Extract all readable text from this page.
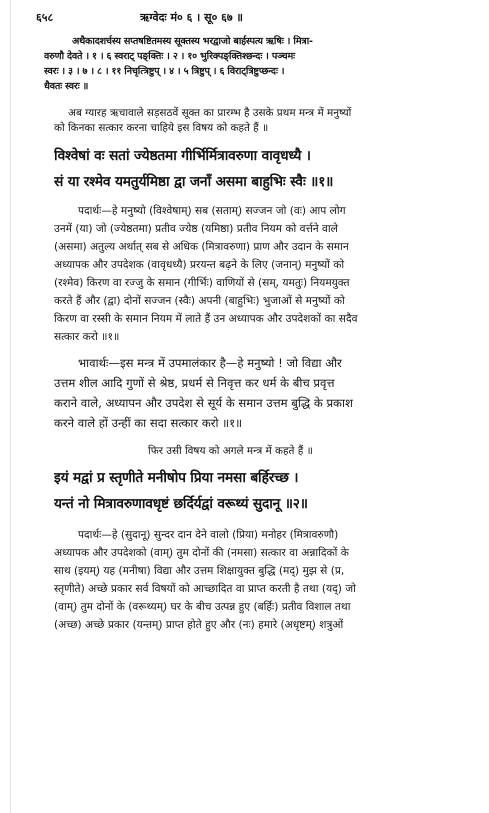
६५८	ऋग्वेदः मं० ६ । सू० ६७ ॥
अथैकादशर्चस्य सप्तषष्टितमस्य सूक्तस्य भरद्वाजो बार्हस्पत्य ऋषिः । मित्रा-
वरुणौ देवते । १ । ६ स्वराट् पङ्क्तिः । २ । १० भुरिक्पङ्क्तिश्छन्दः । पञ्चमः
स्वरः । ३ । ७ । ८ । ११ निचृत्त्रिष्टुप् । ४ । ५ त्रिष्टुप् । ६ विराट्त्रिष्टुप्छन्दः ।
धैवतः स्वरः ॥
अब ग्यारह ऋचावाले सड़सठवें सूक्त का प्रारम्भ है उसके प्रथम मन्त्र में मनुष्यों
को किनका सत्कार करना चाहिये इस विषय को कहते हैं ॥
विश्वेषां वः सतां ज्येष्ठतमा गीर्भिर्मित्रावरुणा वावृधध्यै ।
सं या रश्मेव यमतुर्यमिष्ठा द्वा जनाँ असमा बाहुभिः स्वैः ॥१॥
पदार्थः—हे मनुष्यो (विश्वेषाम्) सब (सताम्) सज्जन जो (वः) आप लोग
उनमें (या) जो (ज्येष्ठतमा) प्रतीव ज्येष्ठ (यमिष्ठा) प्रतीव नियम को वर्त्तने वाले
(असमा) अतुल्य अर्थात् सब से अधिक (मित्रावरुणा) प्राण और उदान के समान
अध्यापक और उपदेशक (वावृधध्यै) प्ररयन्त बढ़ने के लिए (जनान्) मनुष्यों को
(रश्मेव) किरण वा रज्जु के समान (गीर्भिः) वाणियों से (सम्, यमतुः) नियमयुक्त
करते हैं और (द्वा) दोनों सज्जन (स्वैः) अपनी (बाहुभिः) भुजाओं से मनुष्यों को
किरण वा रस्सी के समान नियम में लाते हैं उन अध्यापक और उपदेशकों का सदैव
सत्कार करो ॥१॥
भावार्थः—इस मन्त्र में उपमालंकार है—हे मनुष्यो ! जो विद्या और
उत्तम शील आदि गुणों से श्रेष्ठ, प्रधर्म से निवृत्त कर धर्म के बीच प्रवृत्त
कराने वाले, अध्यापन और उपदेश से सूर्य के समान उत्तम बुद्धि के प्रकाश
करने वाले हों उन्हीं का सदा सत्कार करो ॥१॥
फिर उसी विषय को अगले मन्त्र में कहते हैं ॥
इयं मद्वां प्र स्तृणीते मनीषोप प्रिया नमसा बर्हिरच्छ ।
यन्तं नो मित्रावरुणावधृष्टं छर्दिर्यद्वां वरूथ्यं सुदानू ॥२॥
पदार्थः—हे (सुदानू) सुन्दर दान देने वालो (प्रिया) मनोहर (मित्रावरुणौ)
अध्यापक और उपदेशको (वाम्) तुम दोनों की (नमसा) सत्कार वा अन्नादिकों के
साथ (इयम्) यह (मनीषा) विद्या और उत्तम शिक्षायुक्त बुद्धि (मद्) मुझ से (प्र,
स्तृणीते) अच्छे प्रकार सर्व विषयों को आच्छादित वा प्राप्त करती है तथा (यद्) जो
(वाम्) तुम दोनों के (वरूथ्यम्) घर के बीच उत्पन्न हुए (बर्हिः) प्रतीव विशाल तथा
(अच्छ) अच्छे प्रकार (यन्तम्) प्राप्त होते हुए और (नः) हमारे (अधृष्टम्) शत्रुओं
